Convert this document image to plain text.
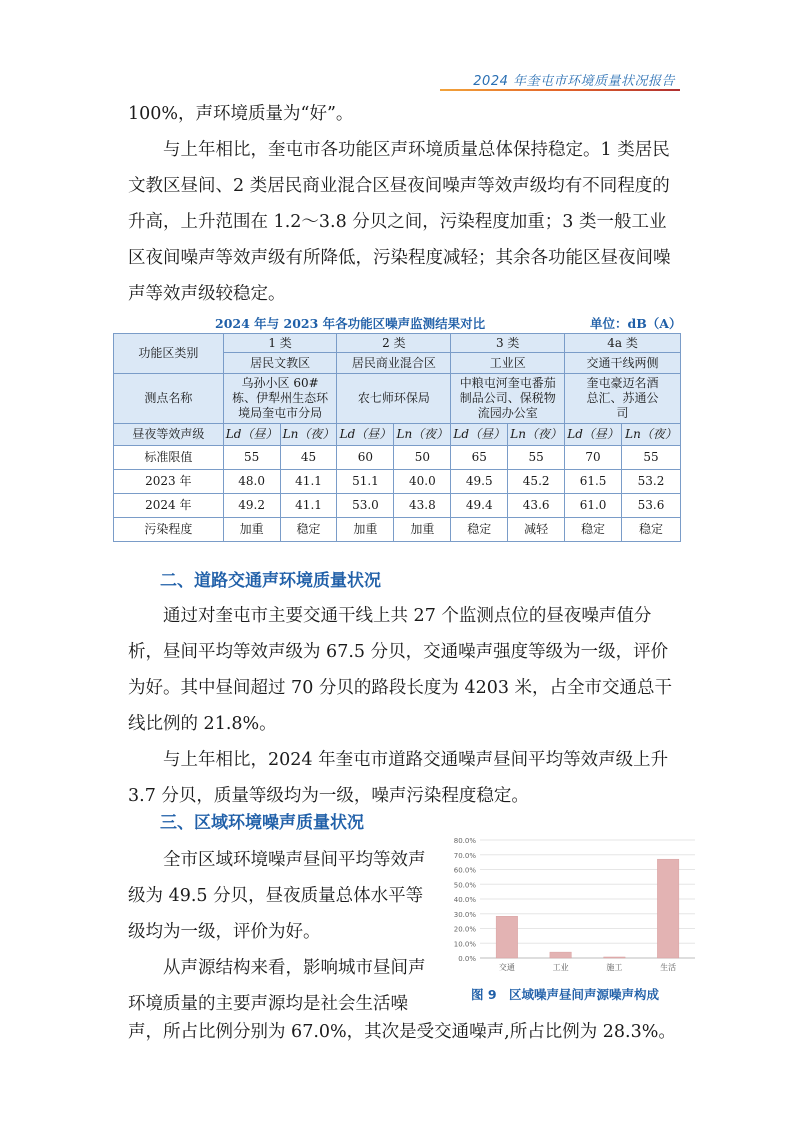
2024 年奎屯市环境质量状况报告

100%，声环境质量为“好”。

与上年相比，奎屯市各功能区声环境质量总体保持稳定。1 类居民文教区昼间、2 类居民商业混合区昼夜间噪声等效声级均有不同程度的升高，上升范围在 1.2～3.8 分贝之间，污染程度加重；3 类一般工业区夜间噪声等效声级有所降低，污染程度减轻；其余各功能区昼夜间噪声等效声级较稳定。

2024 年与 2023 年各功能区噪声监测结果对比	单位：dB（A）
功能区类别	1 类		2 类		3 类		4a 类	
	居民文教区		居民商业混合区		工业区		交通干线两侧	
测点名称	乌孙小区 60#栋、伊犁州生态环境局奎屯市分局		农七师环保局		中粮屯河奎屯番茄制品公司、保税物流园办公室		奎屯豪迈名酒总汇、苏通公司	
昼夜等效声级	Ld（昼）	Ln（夜）	Ld（昼）	Ln（夜）	Ld（昼）	Ln（夜）	Ld（昼）	Ln（夜）
标准限值	55	45	60	50	65	55	70	55
2023 年	48.0	41.1	51.1	40.0	49.5	45.2	61.5	53.2
2024 年	49.2	41.1	53.0	43.8	49.4	43.6	61.0	53.6
污染程度	加重	稳定	加重	加重	稳定	减轻	稳定	稳定
二、道路交通声环境质量状况

通过对奎屯市主要交通干线上共 27 个监测点位的昼夜噪声值分析，昼间平均等效声级为 67.5 分贝，交通噪声强度等级为一级，评价为好。其中昼间超过 70 分贝的路段长度为 4203 米，占全市交通总干线比例的 21.8%。

与上年相比，2024 年奎屯市道路交通噪声昼间平均等效声级上升 3.7 分贝，质量等级均为一级，噪声污染程度稳定。

三、区域环境噪声质量状况

全市区域环境噪声昼间平均等效声级为 49.5 分贝，昼夜质量总体水平等级均为一级，评价为好。

从声源结构来看，影响城市昼间声环境质量的主要声源均是社会生活噪

声，所占比例分别为 67.0%，其次是受交通噪声,所占比例为 28.3%。

0.0%
10.0%
20.0%
30.0%
40.0%
50.0%
60.0%
70.0%
80.0%
交通	工业	施工	生活
图 9　区域噪声昼间声源噪声构成
